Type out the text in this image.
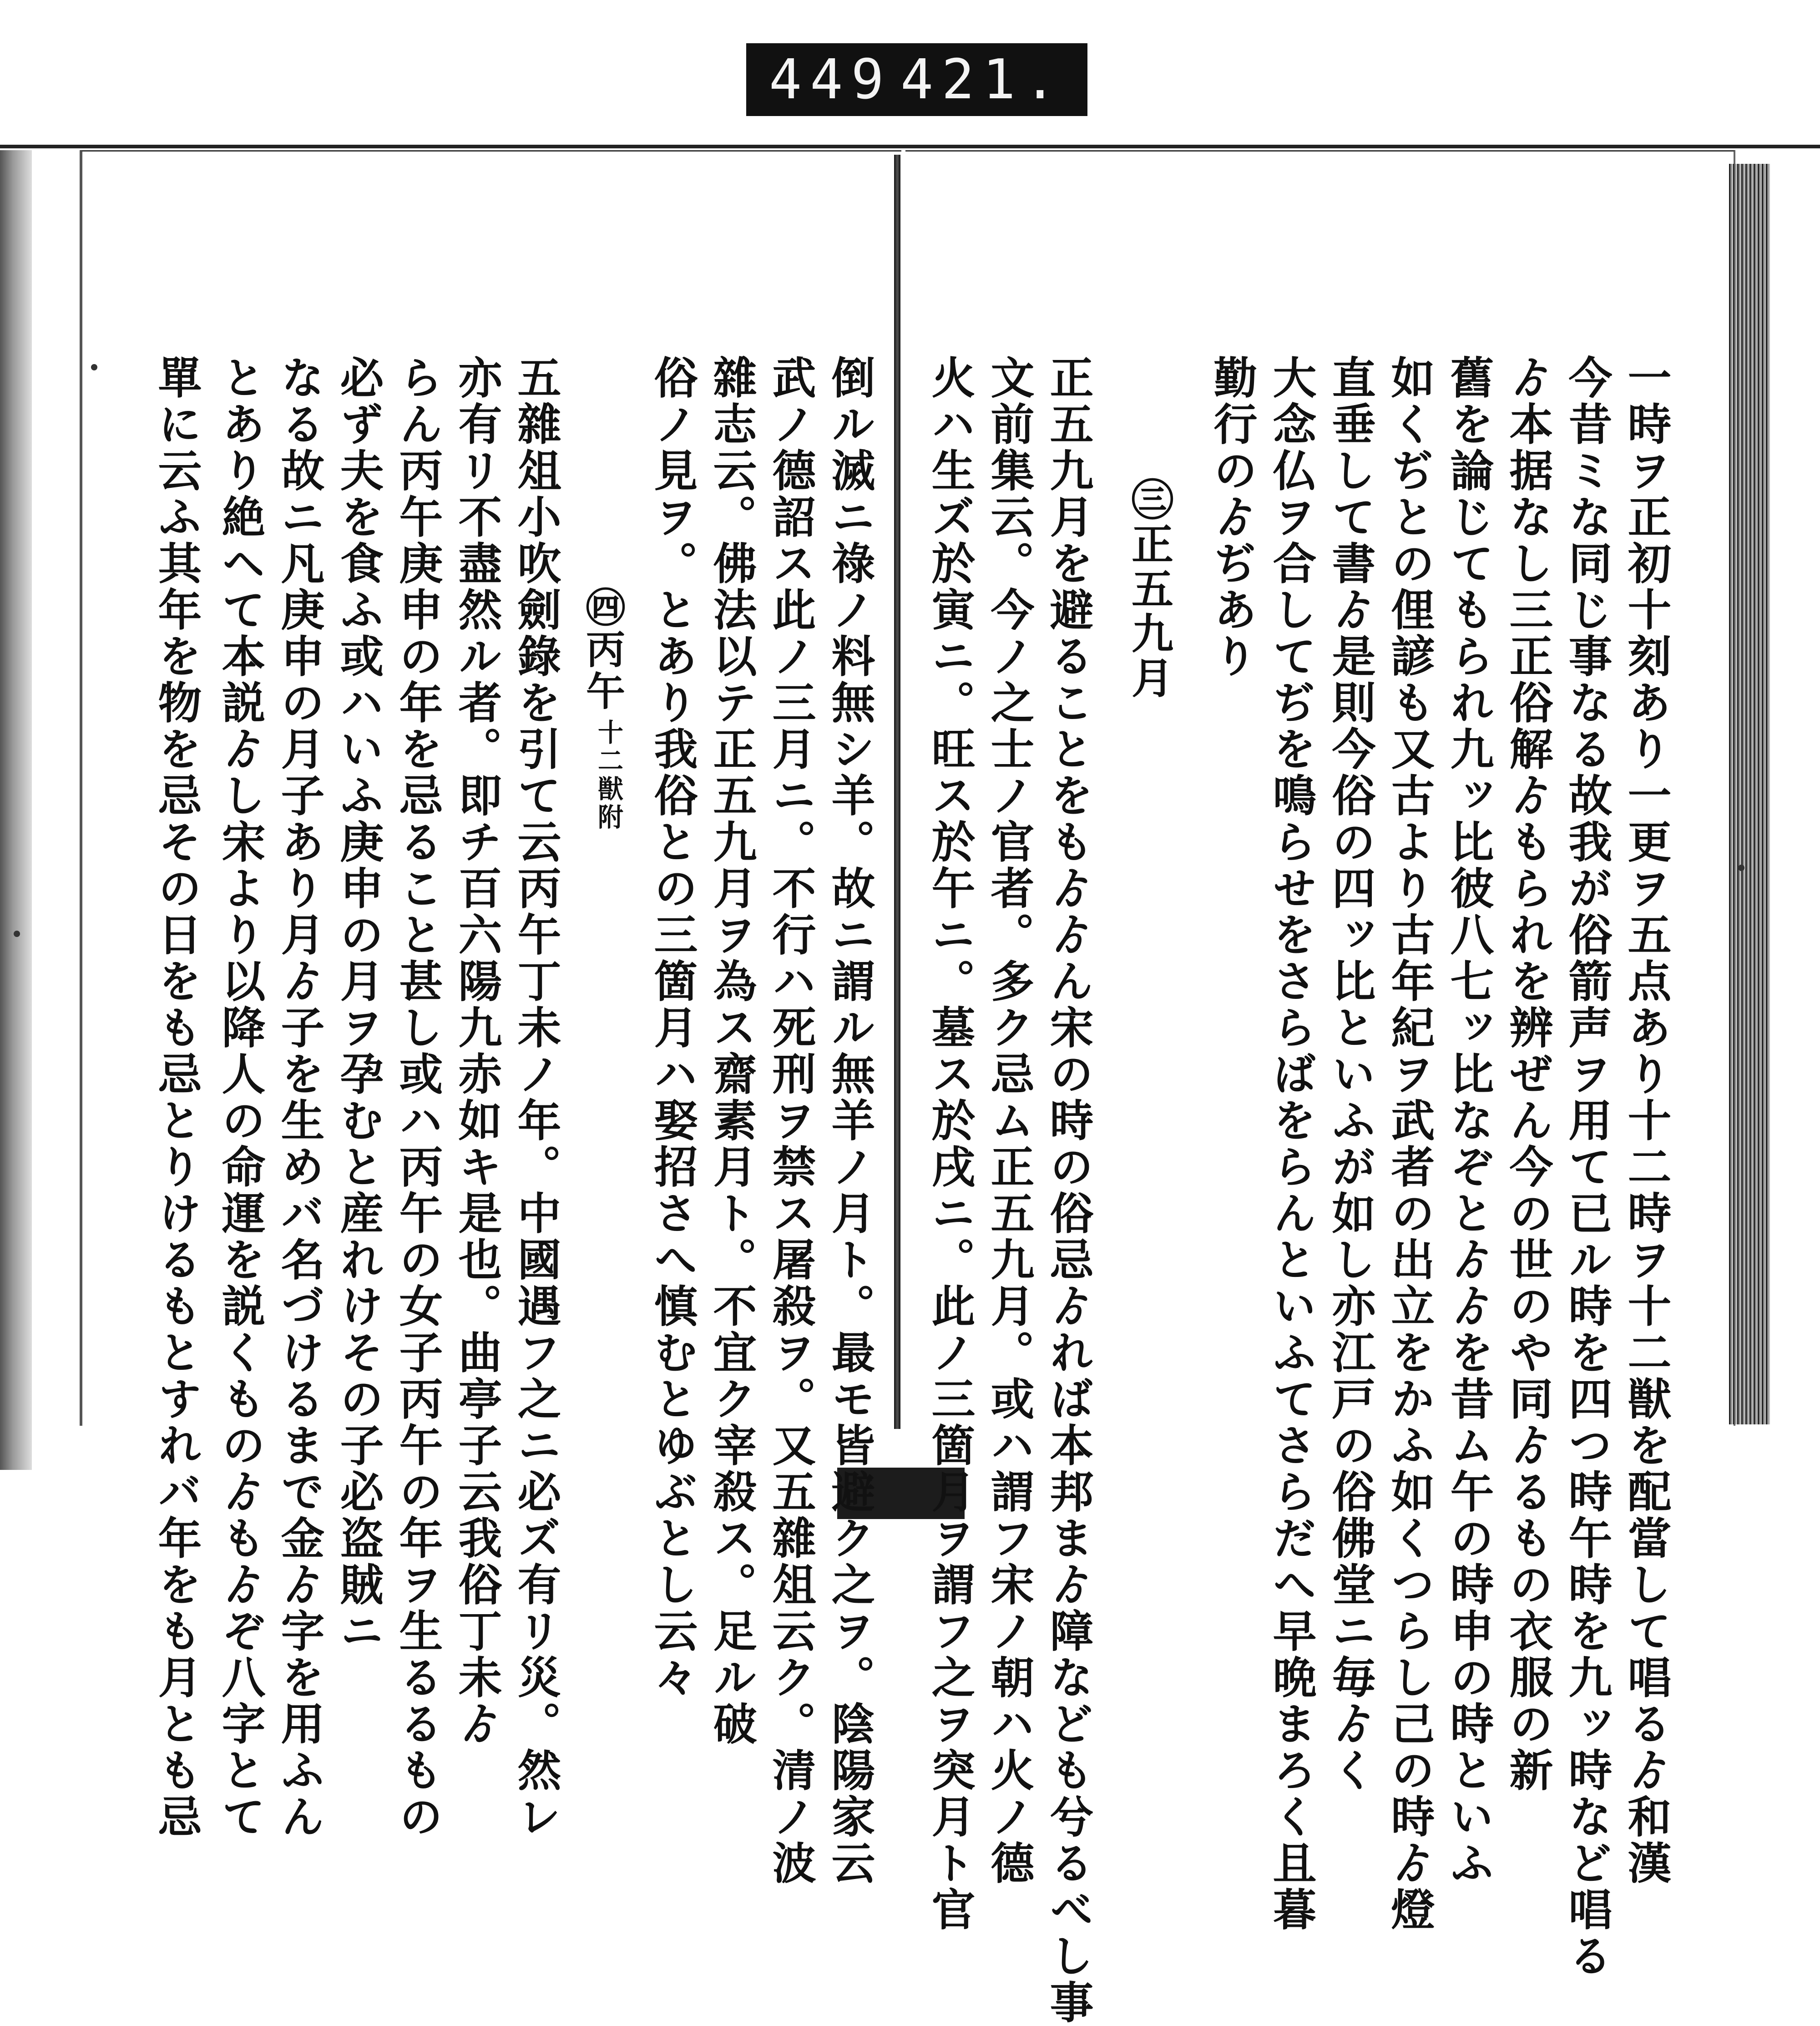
449 421.
一時ヲ正初十刻あり一更ヲ五点あり十二時ヲ十二獣を配當して唱るゟ和漢
今昔ミな同じ事なる故我が俗箭声ヲ用て已ル時を四つ時午時を九ッ時など唱る
ゟ本据なし三正俗解ゟもられを辨ぜん今の世のや同ゟるもの衣服の新
舊を論じてもられ九ッ比彼八七ッ比なぞとゟゟを昔ム午の時申の時といふ
如くぢとの俚諺も又古より古年紀ヲ武者の出立をかふ如くつらし己の時ゟ燈
直垂して書ゟ是則今俗の四ッ比といふが如し亦江戸の俗佛堂ニ毎ゟく
大念仏ヲ合してぢを鳴らせをさらばをらんといふてさらだへ早晩まろく且暮
勤行のゟぢあり
㊂正五九月
正五九月を避ることをもゟゟん宋の時の俗忌ゟれば本邦まゟ障なども兮るべし事
文前集云。今ノ之士ノ官者。多ク忌ム正五九月。或ハ謂フ宋ノ朝ハ火ノ德
火ハ生ズ於寅ニ。旺ス於午ニ。墓ス於戌ニ。此ノ三箇月ヲ謂フ之ヲ突月ト官
倒ル滅ニ祿ノ料無シ羊。故ニ謂ル無羊ノ月ト。最モ皆避ク之ヲ。陰陽家云
武ノ德詔ス此ノ三月ニ。不行ハ死刑ヲ禁ス屠殺ヲ。又五雜俎云ク。清ノ波
雜志云。佛法以テ正五九月ヲ為ス齋素月ト。不宜ク宰殺ス。足ル破
俗ノ見ヲ。とあり我俗との三箇月ハ娶招さへ慎むとゆぶとし云々
㊃丙午
十二獣附
五雜俎小吹劍錄を引て云丙午丁未ノ年。中國遇フ之ニ必ズ有リ災。然レ
亦有リ不盡然ル者。即チ百六陽九赤如キ是也。曲亭子云我俗丁未ゟ
らん丙午庚申の年を忌ること甚し或ハ丙午の女子丙午の年ヲ生るるもの
必ず夫を食ふ或ハいふ庚申の月ヲ孕むと産れけその子必盗賊ニ
なる故ニ凡庚申の月子あり月ゟ子を生めバ名づけるまで金ゟ字を用ふん
とあり絶ヘて本説ゟし宋より以降人の命運を説くものゟもゟぞ八字とて
單に云ふ其年を物を忌その日をも忌とりけるもとすれバ年をも月とも忌
